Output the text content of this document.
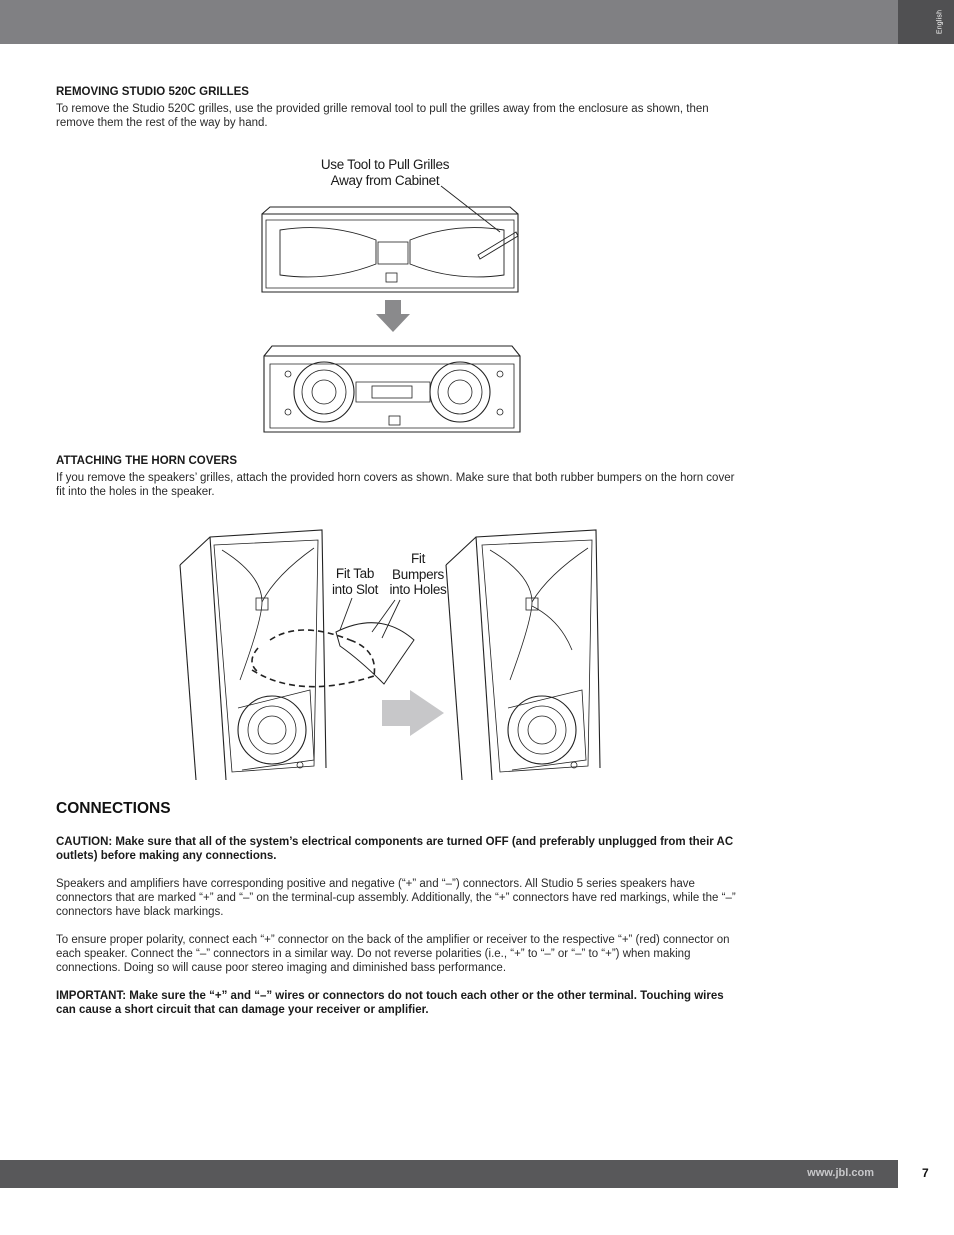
English

REMOVING STUDIO 520C GRILLES

To remove the Studio 520C grilles, use the provided grille removal tool to pull the grilles away from the enclosure as shown, then remove them the rest of the way by hand.

Use Tool to Pull Grilles
Away from Cabinet

ATTACHING THE HORN COVERS

If you remove the speakers’ grilles, attach the provided horn covers as shown. Make sure that both rubber bumpers on the horn cover fit into the holes in the speaker.

Fit Tab
into Slot
Fit
Bumpers
into Holes

CONNECTIONS

CAUTION: Make sure that all of the system’s electrical components are turned OFF (and preferably unplugged from their AC outlets) before making any connections.

Speakers and amplifiers have corresponding positive and negative (“+” and “–”) connectors. All Studio 5 series speakers have connectors that are marked “+” and “–” on the terminal-cup assembly. Additionally, the “+” connectors have red markings, while the “–” connectors have black markings.

To ensure proper polarity, connect each “+” connector on the back of the amplifier or receiver to the respective “+” (red) connector on each speaker. Connect the “–” connectors in a similar way. Do not reverse polarities (i.e., “+” to “–” or “–” to “+”) when making connections. Doing so will cause poor stereo imaging and diminished bass performance.

IMPORTANT: Make sure the “+” and “–” wires or connectors do not touch each other or the other terminal. Touching wires can cause a short circuit that can damage your receiver or amplifier.

www.jbl.com	7
